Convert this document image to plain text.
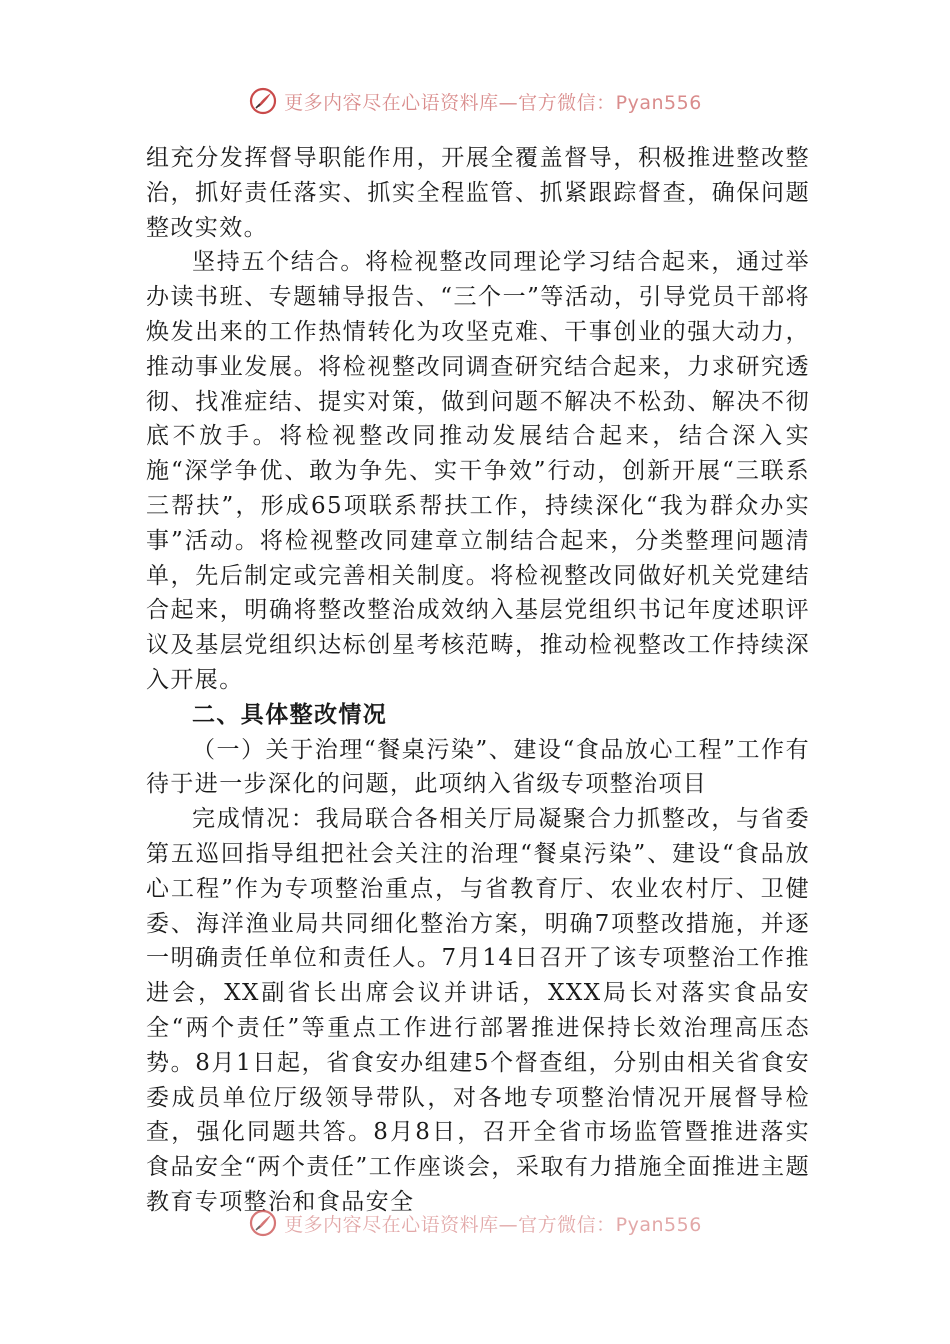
更多内容尽在心语资料库—官方微信：Pyan556

组充分发挥督导职能作用，开展全覆盖督导，积极推进整改整治，抓好责任落实、抓实全程监管、抓紧跟踪督查，确保问题整改实效。

坚持五个结合。将检视整改同理论学习结合起来，通过举办读书班、专题辅导报告、“三个一”等活动，引导党员干部将焕发出来的工作热情转化为攻坚克难、干事创业的强大动力，推动事业发展。将检视整改同调查研究结合起来，力求研究透彻、找准症结、提实对策，做到问题不解决不松劲、解决不彻底不放手。将检视整改同推动发展结合起来，结合深入实施“深学争优、敢为争先、实干争效”行动，创新开展“三联系三帮扶”，形成65项联系帮扶工作，持续深化“我为群众办实事”活动。将检视整改同建章立制结合起来，分类整理问题清单，先后制定或完善相关制度。将检视整改同做好机关党建结合起来，明确将整改整治成效纳入基层党组织书记年度述职评议及基层党组织达标创星考核范畴，推动检视整改工作持续深入开展。

二、具体整改情况

（一）关于治理“餐桌污染”、建设“食品放心工程”工作有待于进一步深化的问题，此项纳入省级专项整治项目

完成情况：我局联合各相关厅局凝聚合力抓整改，与省委第五巡回指导组把社会关注的治理“餐桌污染”、建设“食品放心工程”作为专项整治重点，与省教育厅、农业农村厅、卫健委、海洋渔业局共同细化整治方案，明确7项整改措施，并逐一明确责任单位和责任人。7月14日召开了该专项整治工作推进会，XX副省长出席会议并讲话，XXX局长对落实食品安全“两个责任”等重点工作进行部署推进保持长效治理高压态势。8月1日起，省食安办组建5个督查组，分别由相关省食安委成员单位厅级领导带队，对各地专项整治情况开展督导检查，强化同题共答。8月8日，召开全省市场监管暨推进落实食品安全“两个责任”工作座谈会，采取有力措施全面推进主题教育专项整治和食品安全

更多内容尽在心语资料库—官方微信：Pyan556
